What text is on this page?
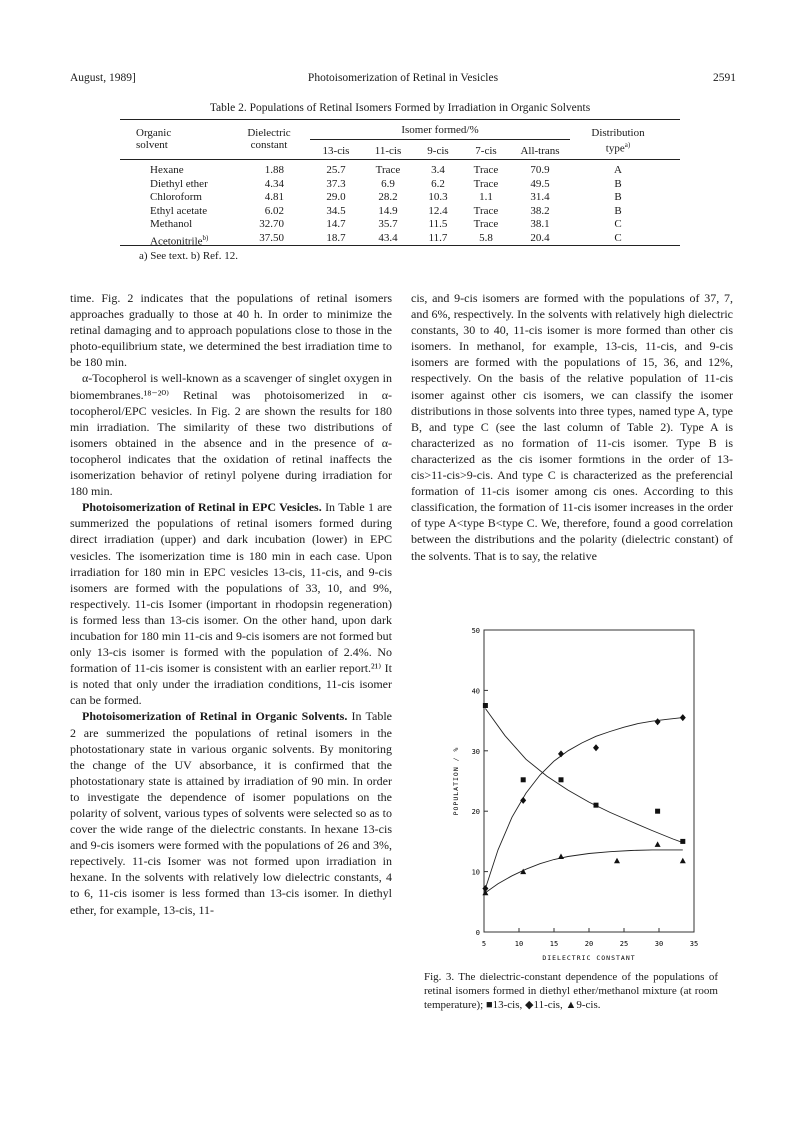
August, 1989]	Photoisomerization of Retinal in Vesicles	2591
Table 2. Populations of Retinal Isomers Formed by Irradiation in Organic Solvents
Organic
solvent
Dielectric
constant
Isomer formed/%
13-cis	11-cis	9-cis	7-cis	All-trans
Distribution
type$^{a)}$
Hexane	1.88	25.7	Trace	3.4	Trace	70.9	A
Diethyl ether	4.34	37.3	6.9	6.2	Trace	49.5	B
Chloroform	4.81	29.0	28.2	10.3	1.1	31.4	B
Ethyl acetate	6.02	34.5	14.9	12.4	Trace	38.2	B
Methanol	32.70	14.7	35.7	11.5	Trace	38.1	C
Acetonitrile$^{b)}$	37.50	18.7	43.4	11.7	5.8	20.4	C
a) See text. b) Ref. 12.

time. Fig. 2 indicates that the populations of retinal isomers approaches gradually to those at 40 h. In order to minimize the retinal damaging and to approach populations close to those in the photo-equilibrium state, we determined the best irradiation time to be 180 min.

α-Tocopherol is well-known as a scavenger of singlet oxygen in biomembranes.¹⁸⁻²⁰⁾ Retinal was photoisomerized in α-tocopherol/EPC vesicles. In Fig. 2 are shown the results for 180 min irradiation. The similarity of these two distributions of isomers obtained in the absence and in the presence of α-tocopherol indicates that the oxidation of retinal inaffects the isomerization behavior of retinyl polyene during irradiation for 180 min.

Photoisomerization of Retinal in EPC Vesicles. In Table 1 are summerized the populations of retinal isomers formed during direct irradiation (upper) and dark incubation (lower) in EPC vesicles. The isomerization time is 180 min in each case. Upon irradiation for 180 min in EPC vesicles 13-cis, 11-cis, and 9-cis isomers are formed with the populations of 33, 10, and 9%, respectively. 11-cis Isomer (important in rhodopsin regeneration) is formed less than 13-cis isomer. On the other hand, upon dark incubation for 180 min 11-cis and 9-cis isomers are not formed but only 13-cis isomer is formed with the population of 2.4%. No formation of 11-cis isomer is consistent with an earlier report.²¹⁾ It is noted that only under the irradiation conditions, 11-cis isomer can be formed.

Photoisomerization of Retinal in Organic Solvents. In Table 2 are summerized the populations of retinal isomers in the photostationary state in various organic solvents. By monitoring the change of the UV absorbance, it is confirmed that the photostationary state is attained by irradiation of 90 min. In order to investigate the dependence of isomer populations on the polarity of solvent, various types of solvents were selected so as to cover the wide range of the dielectric constants. In hexane 13-cis and 9-cis isomers were formed with the populations of 26 and 3%, repectively. 11-cis Isomer was not formed upon irradiation in hexane. In the solvents with relatively low dielectric constants, 4 to 6, 11-cis isomer is less formed than 13-cis isomer. In diethyl ether, for example, 13-cis, 11-

cis, and 9-cis isomers are formed with the populations of 37, 7, and 6%, respectively. In the solvents with relatively high dielectric constants, 30 to 40, 11-cis isomer is more formed than other cis isomers. In methanol, for example, 13-cis, 11-cis, and 9-cis isomers are formed with the populations of 15, 36, and 12%, respectively. On the basis of the relative population of 11-cis isomer against other cis isomers, we can classify the isomer distributions in those solvents into three types, named type A, type B, and type C (see the last column of Table 2). Type A is characterized as no formation of 11-cis isomer. Type B is characterized as the cis isomer formtions in the order of 13-cis>11-cis>9-cis. And type C is characterized as the preferencial formation of 11-cis isomer among cis ones. According to this classification, the formation of 11-cis isomer increases in the order of type A<type B<type C. We, therefore, found a good correlation between the distributions and the polarity (dielectric constant) of the solvents. That is to say, the relative

0
10
20
30
40
50
5	10	15	20	25	30	35
DIELECTRIC CONSTANT
POPULATION / %
Fig. 3. The dielectric-constant dependence of the populations of retinal isomers formed in diethyl ether/methanol mixture (at room temperature); ■13-cis, ◆11-cis, ▲9-cis.
